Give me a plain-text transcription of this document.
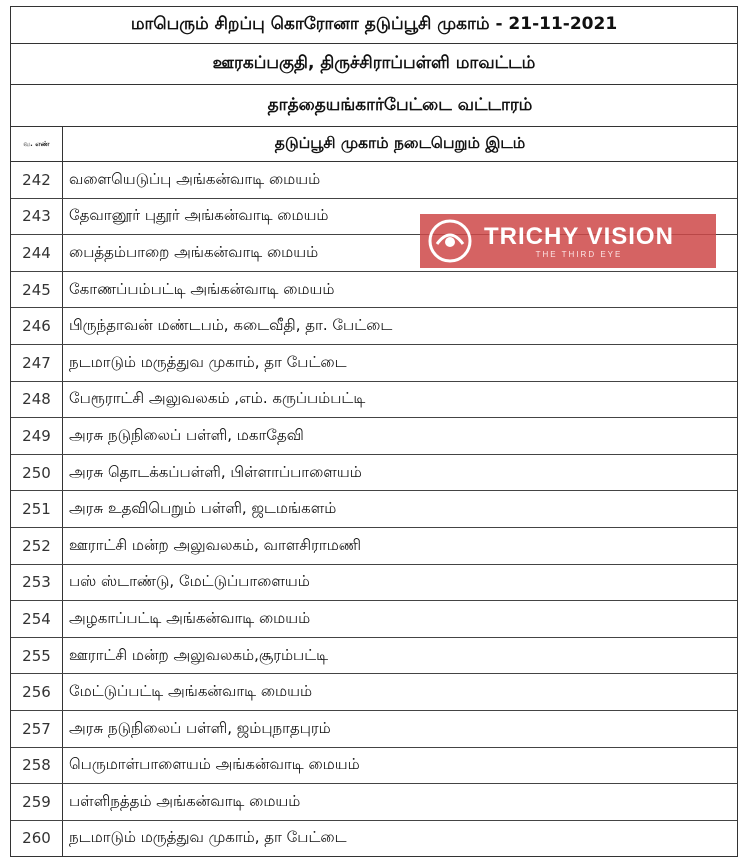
மாபெரும் சிறப்பு கொரோனா தடுப்பூசி முகாம் - 21-11-2021
ஊரகப்பகுதி, திருச்சிராப்பள்ளி மாவட்டம்
தாத்தையங்கார்பேட்டை வட்டாரம்
வ. எண்	தடுப்பூசி முகாம் நடைபெறும் இடம்
242	வளையெடுப்பு அங்கன்வாடி மையம்
243	தேவானூர் புதூர் அங்கன்வாடி மையம்
244	பைத்தம்பாறை அங்கன்வாடி மையம்
245	கோணப்பம்பட்டி அங்கன்வாடி மையம்
246	பிருந்தாவன் மண்டபம், கடைவீதி, தா. பேட்டை
247	நடமாடும் மருத்துவ முகாம், தா பேட்டை
248	பேரூராட்சி அலுவலகம் ,எம். கருப்பம்பட்டி
249	அரசு நடுநிலைப் பள்ளி, மகாதேவி
250	அரசு தொடக்கப்பள்ளி, பிள்ளாப்பாளையம்
251	அரசு உதவிபெறும் பள்ளி, ஜடமங்களம்
252	ஊராட்சி மன்ற அலுவலகம், வாளசிராமணி
253	பஸ் ஸ்டாண்டு, மேட்டுப்பாளையம்
254	அழகாப்பட்டி அங்கன்வாடி மையம்
255	ஊராட்சி மன்ற அலுவலகம்,சூரம்பட்டி
256	மேட்டுப்பட்டி அங்கன்வாடி மையம்
257	அரசு நடுநிலைப் பள்ளி, ஜம்புநாதபுரம்
258	பெருமாள்பாளையம் அங்கன்வாடி மையம்
259	பள்ளிநத்தம் அங்கன்வாடி மையம்
260	நடமாடும் மருத்துவ முகாம், தா பேட்டை
TRICHY VISION
THE THIRD EYE
